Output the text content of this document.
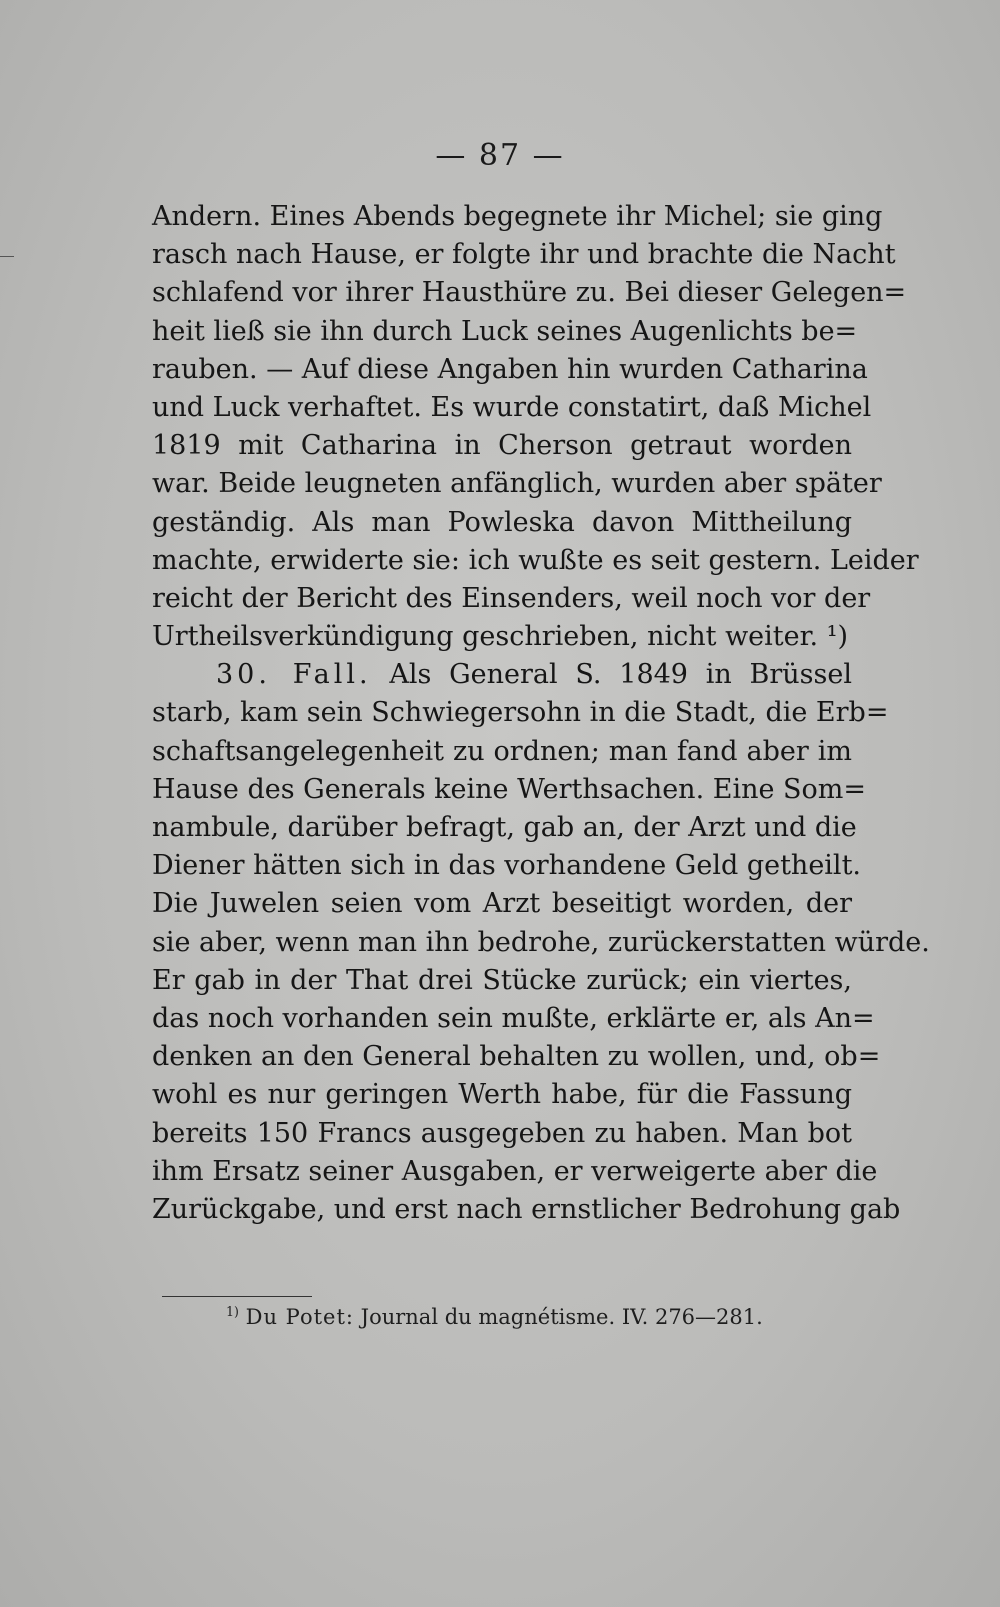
— 87 —
Andern. Eines Abends begegnete ihr Michel; sie ging
rasch nach Hause, er folgte ihr und brachte die Nacht
schlafend vor ihrer Hausthüre zu. Bei dieser Gelegen=
heit ließ sie ihn durch Luck seines Augenlichts be=
rauben. — Auf diese Angaben hin wurden Catharina
und Luck verhaftet. Es wurde constatirt, daß Michel
1819 mit Catharina in Cherson getraut worden
war. Beide leugneten anfänglich, wurden aber später
geständig. Als man Powleska davon Mittheilung
machte, erwiderte sie: ich wußte es seit gestern. Leider
reicht der Bericht des Einsenders, weil noch vor der
Urtheilsverkündigung geschrieben, nicht weiter. ¹)
30. Fall. Als General S. 1849 in Brüssel
starb, kam sein Schwiegersohn in die Stadt, die Erb=
schaftsangelegenheit zu ordnen; man fand aber im
Hause des Generals keine Werthsachen. Eine Som=
nambule, darüber befragt, gab an, der Arzt und die
Diener hätten sich in das vorhandene Geld getheilt.
Die Juwelen seien vom Arzt beseitigt worden, der
sie aber, wenn man ihn bedrohe, zurückerstatten würde.
Er gab in der That drei Stücke zurück; ein viertes,
das noch vorhanden sein mußte, erklärte er, als An=
denken an den General behalten zu wollen, und, ob=
wohl es nur geringen Werth habe, für die Fassung
bereits 150 Francs ausgegeben zu haben. Man bot
ihm Ersatz seiner Ausgaben, er verweigerte aber die
Zurückgabe, und erst nach ernstlicher Bedrohung gab
$^{1)}$ Du Potet: Journal du magnétisme. IV. 276—281.
